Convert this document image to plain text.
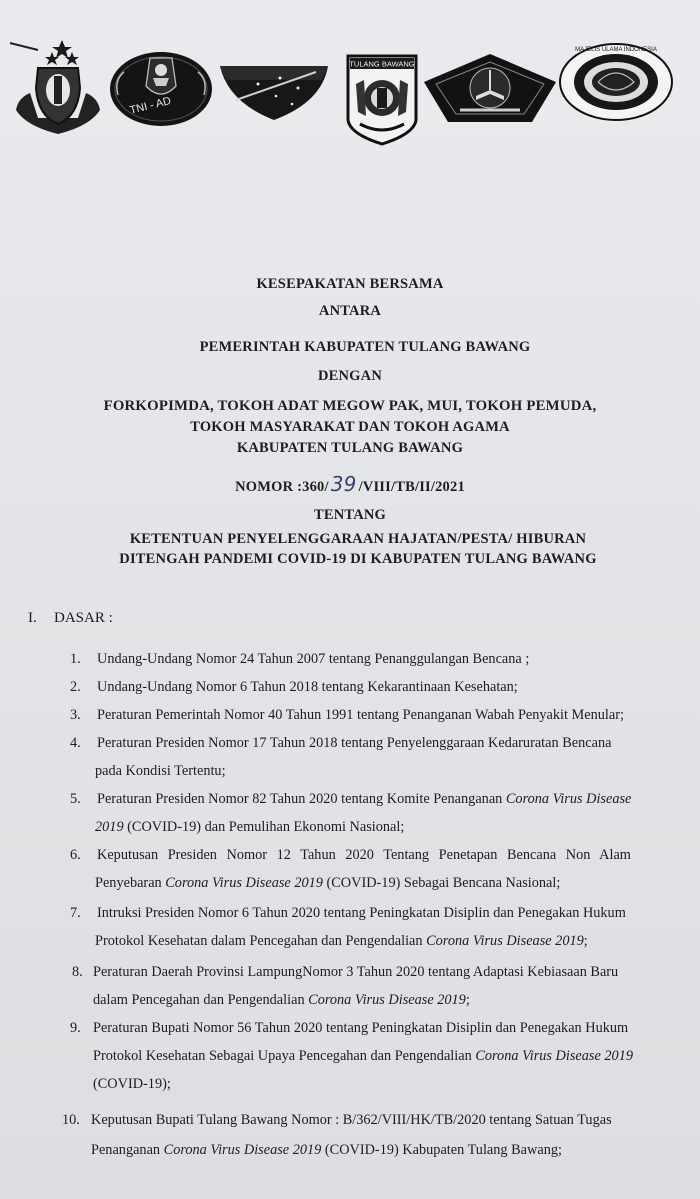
TNI - AD
TULANG BAWANG
MAJELIS ULAMA INDONESIA
KESEPAKATAN BERSAMA
ANTARA
PEMERINTAH KABUPATEN TULANG BAWANG
DENGAN
FORKOPIMDA, TOKOH ADAT MEGOW PAK, MUI, TOKOH PEMUDA,
TOKOH MASYARAKAT DAN TOKOH AGAMA
KABUPATEN TULANG BAWANG
NOMOR :360/ 39 /VIII/TB/II/2021
TENTANG
KETENTUAN PENYELENGGARAAN HAJATAN/PESTA/ HIBURAN
DITENGAH PANDEMI COVID-19 DI KABUPATEN TULANG BAWANG
I. DASAR :
1.	Undang-Undang Nomor 24 Tahun 2007 tentang Penanggulangan Bencana ;
2.	Undang-Undang Nomor 6 Tahun 2018 tentang Kekarantinaan Kesehatan;
3.	Peraturan Pemerintah Nomor 40 Tahun 1991 tentang Penanganan Wabah Penyakit Menular;
4.	Peraturan Presiden Nomor 17 Tahun 2018 tentang Penyelenggaraan Kedaruratan Bencana
pada Kondisi Tertentu;
5.	Peraturan Presiden Nomor 82 Tahun 2020 tentang Komite Penanganan Corona Virus Disease
2019 (COVID-19) dan Pemulihan Ekonomi Nasional;
6.	Keputusan Presiden Nomor 12 Tahun 2020 Tentang Penetapan Bencana Non Alam
Penyebaran Corona Virus Disease 2019 (COVID-19) Sebagai Bencana Nasional;
7.	Intruksi Presiden Nomor 6 Tahun 2020 tentang Peningkatan Disiplin dan Penegakan Hukum
Protokol Kesehatan dalam Pencegahan dan Pengendalian Corona Virus Disease 2019;
8. Peraturan Daerah Provinsi LampungNomor 3 Tahun 2020 tentang Adaptasi Kebiasaan Baru
dalam Pencegahan dan Pengendalian Corona Virus Disease 2019;
9. Peraturan Bupati Nomor 56 Tahun 2020 tentang Peningkatan Disiplin dan Penegakan Hukum
Protokol Kesehatan Sebagai Upaya Pencegahan dan Pengendalian Corona Virus Disease 2019
(COVID-19);
10. Keputusan Bupati Tulang Bawang Nomor : B/362/VIII/HK/TB/2020 tentang Satuan Tugas
Penanganan Corona Virus Disease 2019 (COVID-19) Kabupaten Tulang Bawang;
